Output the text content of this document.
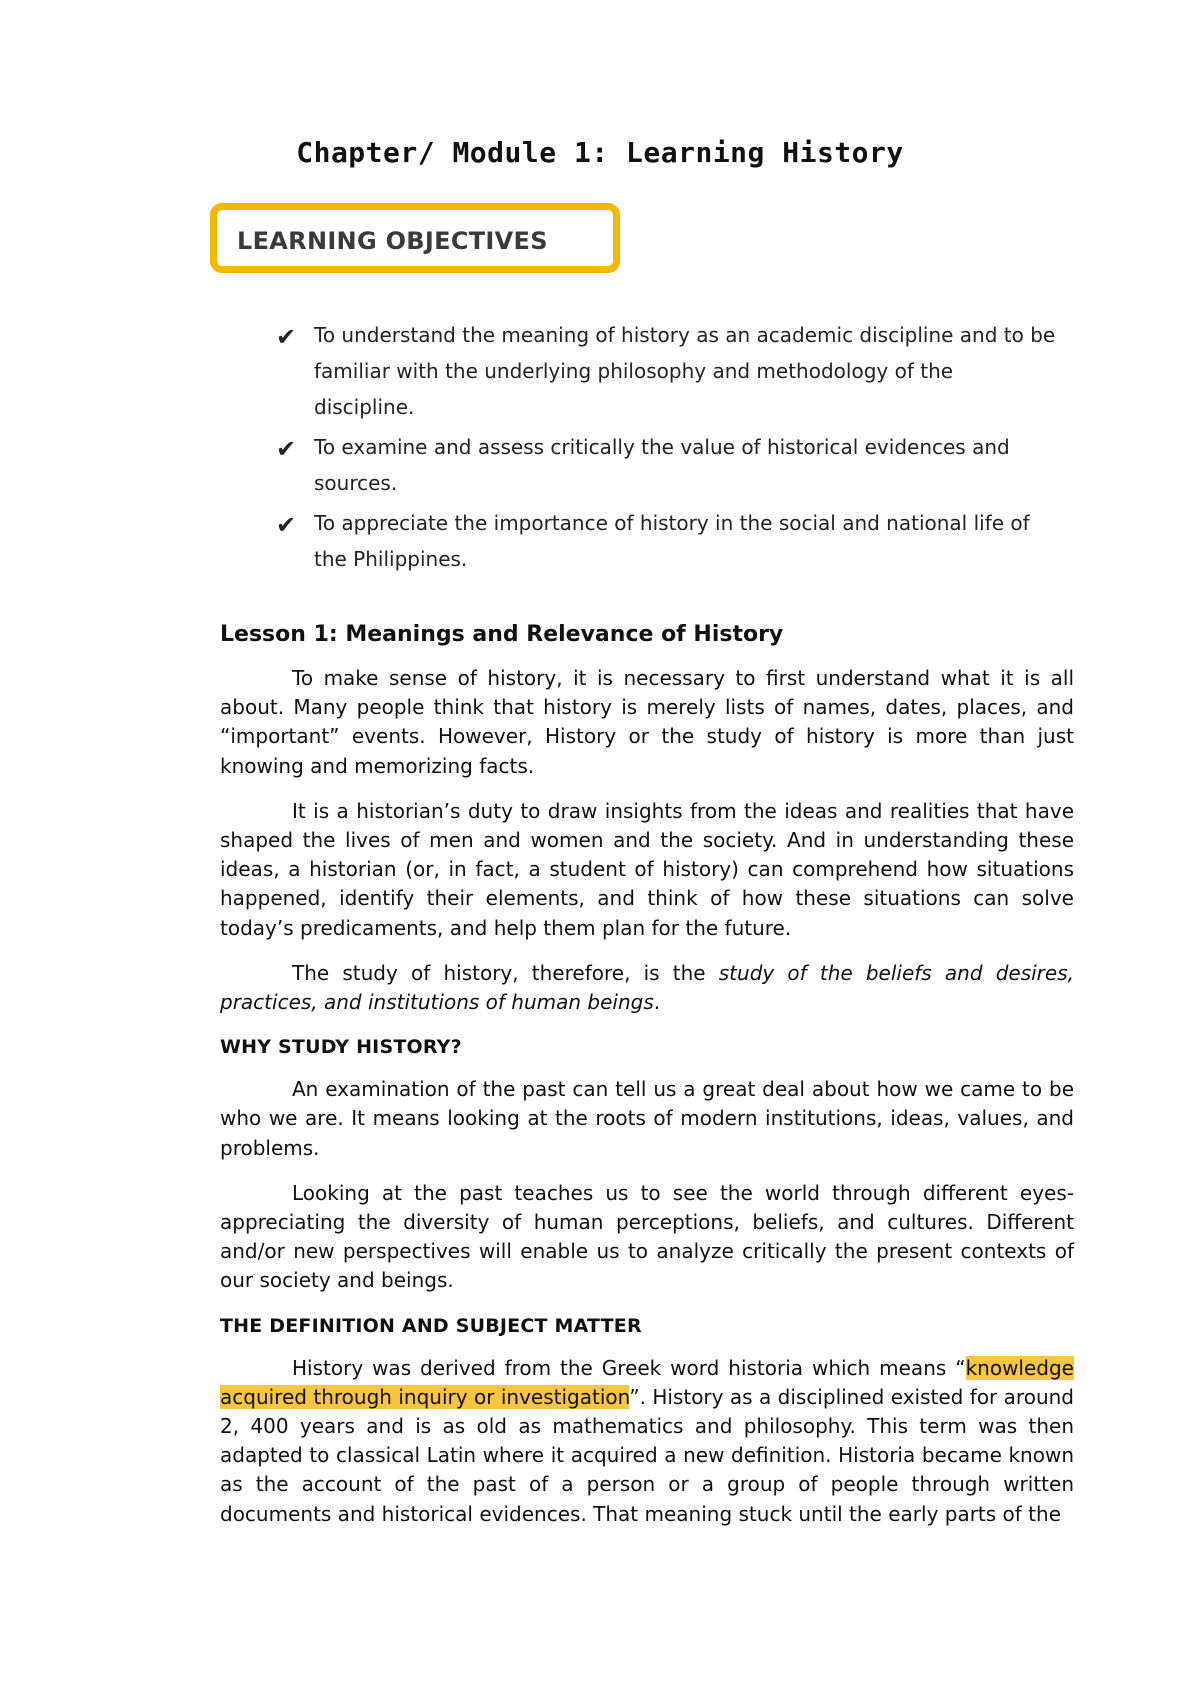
Chapter/ Module 1: Learning History
LEARNING OBJECTIVES
✔ To understand the meaning of history as an academic discipline and to be familiar with the underlying philosophy and methodology of the discipline.
✔ To examine and assess critically the value of historical evidences and sources.
✔ To appreciate the importance of history in the social and national life of the Philippines.
Lesson 1: Meanings and Relevance of History

To make sense of history, it is necessary to first understand what it is all about. Many people think that history is merely lists of names, dates, places, and “important” events. However, History or the study of history is more than just knowing and memorizing facts.

It is a historian’s duty to draw insights from the ideas and realities that have shaped the lives of men and women and the society. And in understanding these ideas, a historian (or, in fact, a student of history) can comprehend how situations happened, identify their elements, and think of how these situations can solve today’s predicaments, and help them plan for the future.

The study of history, therefore, is the study of the beliefs and desires, practices, and institutions of human beings.

WHY STUDY HISTORY?

An examination of the past can tell us a great deal about how we came to be who we are. It means looking at the roots of modern institutions, ideas, values, and problems.

Looking at the past teaches us to see the world through different eyes- appreciating the diversity of human perceptions, beliefs, and cultures. Different and/or new perspectives will enable us to analyze critically the present contexts of our society and beings.

THE DEFINITION AND SUBJECT MATTER

History was derived from the Greek word historia which means “knowledge acquired through inquiry or investigation”. History as a disciplined existed for around 2, 400 years and is as old as mathematics and philosophy. This term was then adapted to classical Latin where it acquired a new definition. Historia became known as the account of the past of a person or a group of people through written documents and historical evidences. That meaning stuck until the early parts of the
